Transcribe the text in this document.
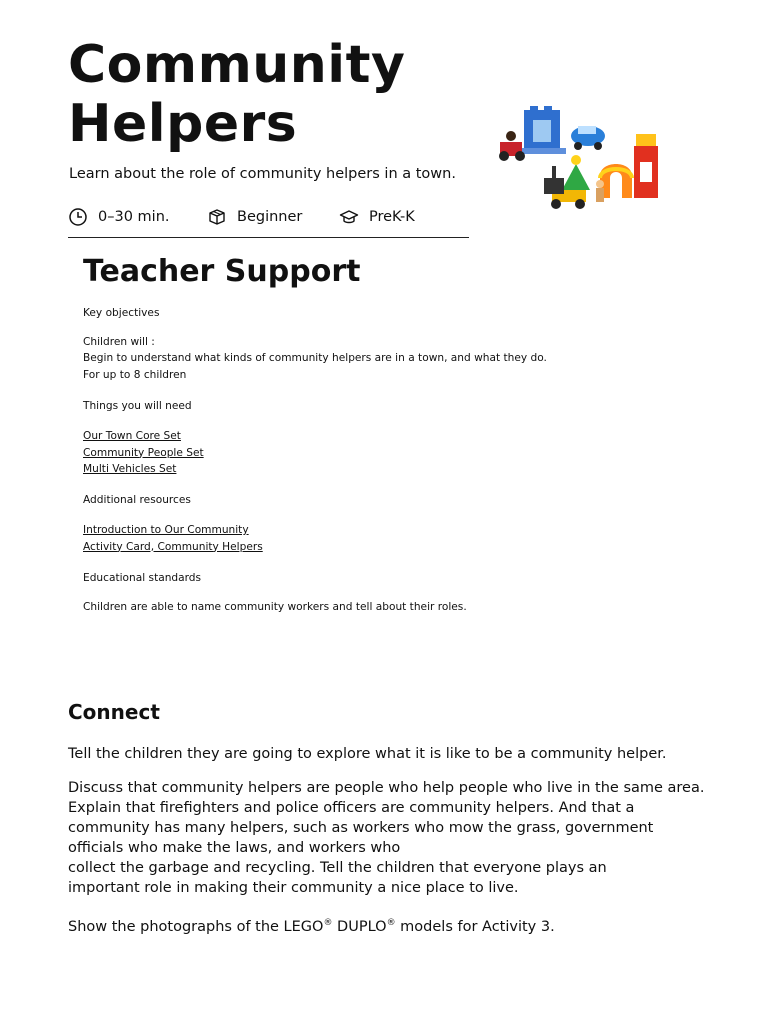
Community
Helpers
Learn about the role of community helpers in a town.
0–30 min.	Beginner	PreK-K
Teacher Support

Key objectives

Children will :

Begin to understand what kinds of community helpers are in a town, and what they do.

For up to 8 children

Things you will need

Our Town Core Set
Community People Set
Multi Vehicles Set

Additional resources

Introduction to Our Community
Activity Card, Community Helpers

Educational standards

Children are able to name community workers and tell about their roles.

Connect

Tell the children they are going to explore what it is like to be a community helper.

Discuss that community helpers are people who help people who live in the same area.
Explain that firefighters and police officers are community helpers. And that a
community has many helpers, such as workers who mow the grass, government
officials who make the laws, and workers who
collect the garbage and recycling. Tell the children that everyone plays an
important role in making their community a nice place to live.

Show the photographs of the LEGO® DUPLO® models for Activity 3.
